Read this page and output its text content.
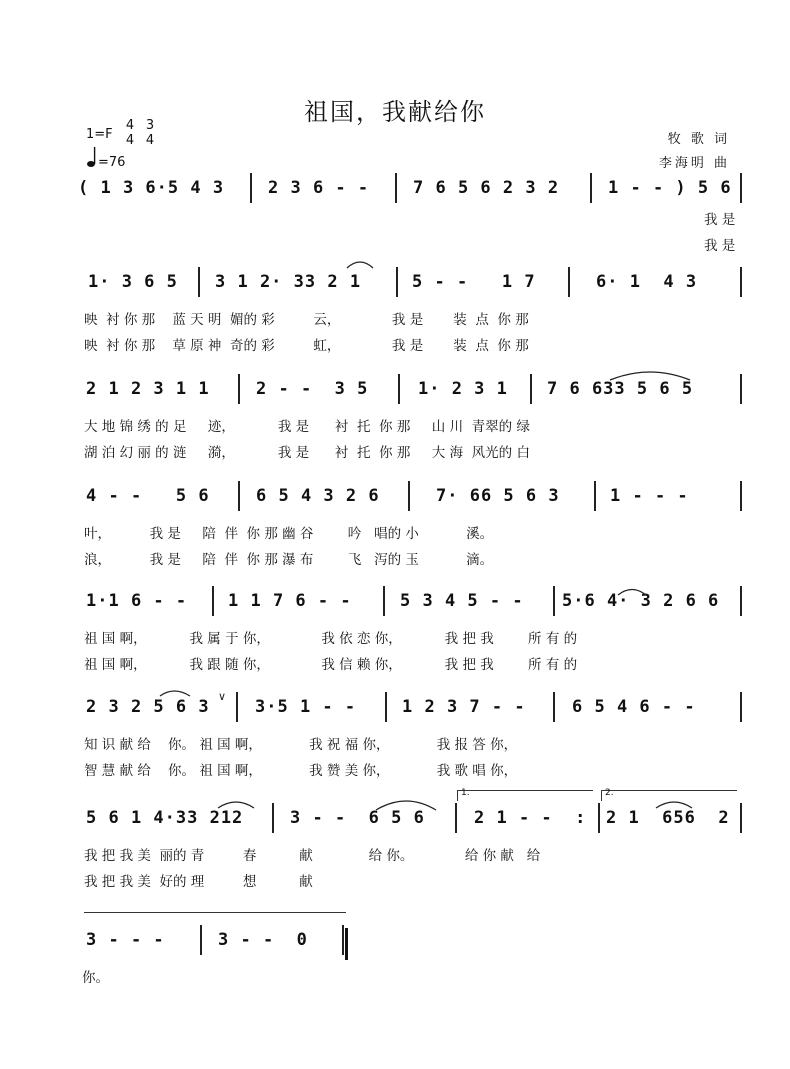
祖国，我献给你
1=F
4
4
3
4
=76
牧 歌 词
李海明 曲
( 1 3 6·5 4 3	2 3 6 - -	7 6 5 6 2 3 2	1 - - ) 5 6
我 是
我 是
1· 3 6 5 3 1 2· 33 2 1	5 - -   1 7	6· 1  4 3
映  衬 你 那    蓝 天 明  媚的 彩         云，            我 是       装  点  你 那
映  衬 你 那    草 原 神  奇的 彩         虹，            我 是       装  点  你 那
2 1 2 3 1 1	2 - -  3 5	1· 2 3 1 7 6 633 5 6 5
大 地 锦 绣 的 足     迹，          我 是      衬  托  你 那     山 川  青翠的 绿
湖 泊 幻 丽 的 涟     漪，          我 是      衬  托  你 那     大 海  风光的 白
4 - -   5 6	6 5 4 3 2 6	7· 66 5 6 3	1 - - -
叶，         我 是     陪  伴  你 那 幽 谷        吟   唱的 小           溪。
浪，         我 是     陪  伴  你 那 瀑 布        飞   泻的 玉           滴。
1·1 6 - - 1 1 7 6 - -	5 3 4 5 - - 5·6 4· 3 2 6 6
祖 国 啊，          我 属 于 你，            我 依 恋 你，          我 把 我        所 有 的
祖 国 啊，          我 跟 随 你，            我 信 赖 你，          我 把 我        所 有 的
2 3 2 5 6 3	3·5 1 - -	1 2 3 7 - -	6 5 4 6 - -
知 识 献 给    你。 祖 国 啊，           我 祝 福 你，           我 报 答 你，
智 慧 献 给    你。 祖 国 啊，           我 赞 美 你，           我 歌 唱 你，
5 6 1 4·33 212	3 - -  6 5 6	2 1 - -  : 2 1  656  2
我 把 我 美  丽的 青         春          献             给 你。            给 你 献   给
我 把 我 美  好的 理         想          献
3 - - -	3 - -  0
你。
1.	2.
∨
